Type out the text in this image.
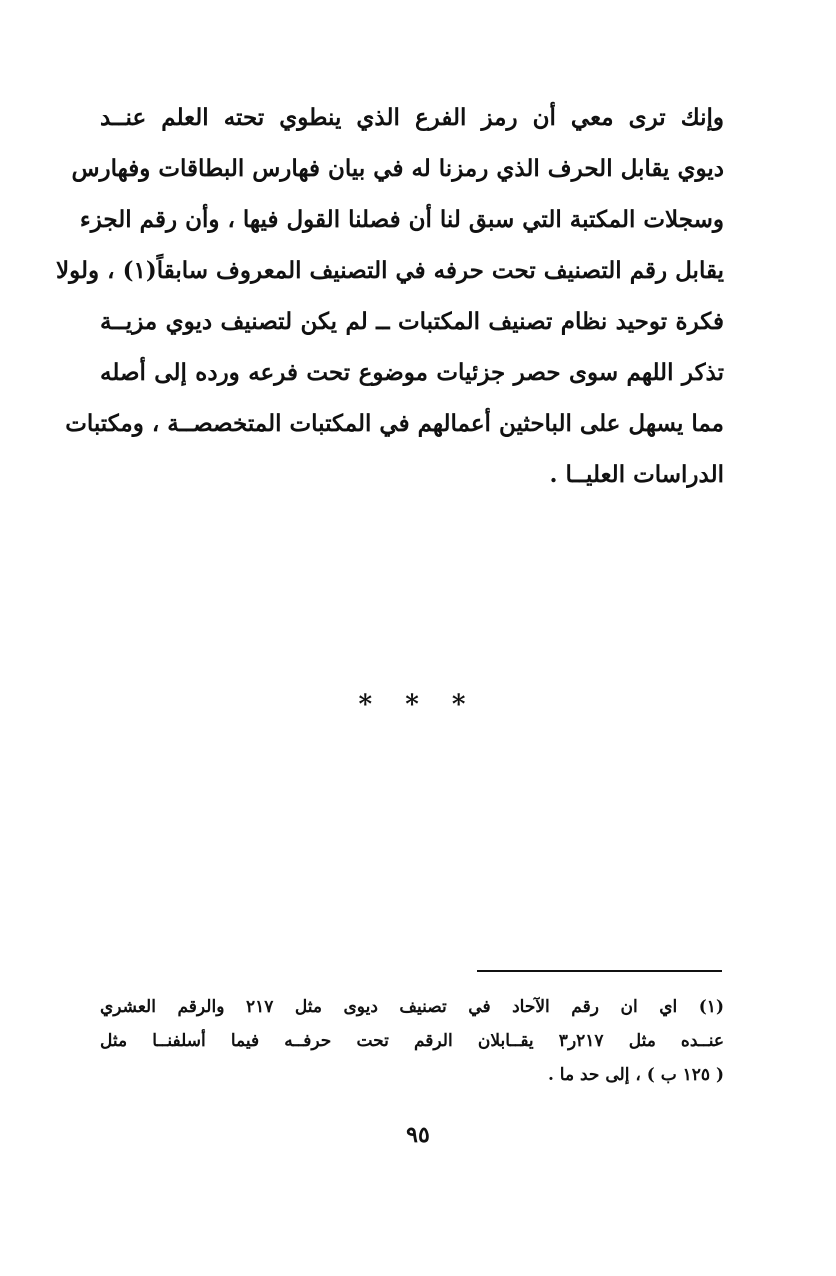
وإنك ترى معي أن رمز الفرع الذي ينطوي تحته العلم عنــد
ديوي يقابل الحرف الذي رمزنا له في بيان فهارس البطاقات وفهارس
وسجلات المكتبة التي سبق لنا أن فصلنا القول فيها ، وأن رقم الجزء
يقابل رقم التصنيف تحت حرفه في التصنيف المعروف سابقاً(١) ، ولولا
فكرة توحيد نظام تصنيف المكتبات ــ لم يكن لتصنيف ديوي مزيــة
تذكر اللهم سوى حصر جزئيات موضوع تحت فرعه ورده إلى أصله
مما يسهل على الباحثين أعمالهم في المكتبات المتخصصــة ، ومكتبات
الدراسات العليــا .
* * *
(١) اي ان رقم الآحاد في تصنيف ديوى مثل ٢١٧ والرقم العشري
عنــده مثل ٢١٧ر٣ يقــابلان الرقم تحت حرفــه فيما أسلفنــا مثل
( ١٢٥ ب ) ، إلى حد ما .
٩٥
